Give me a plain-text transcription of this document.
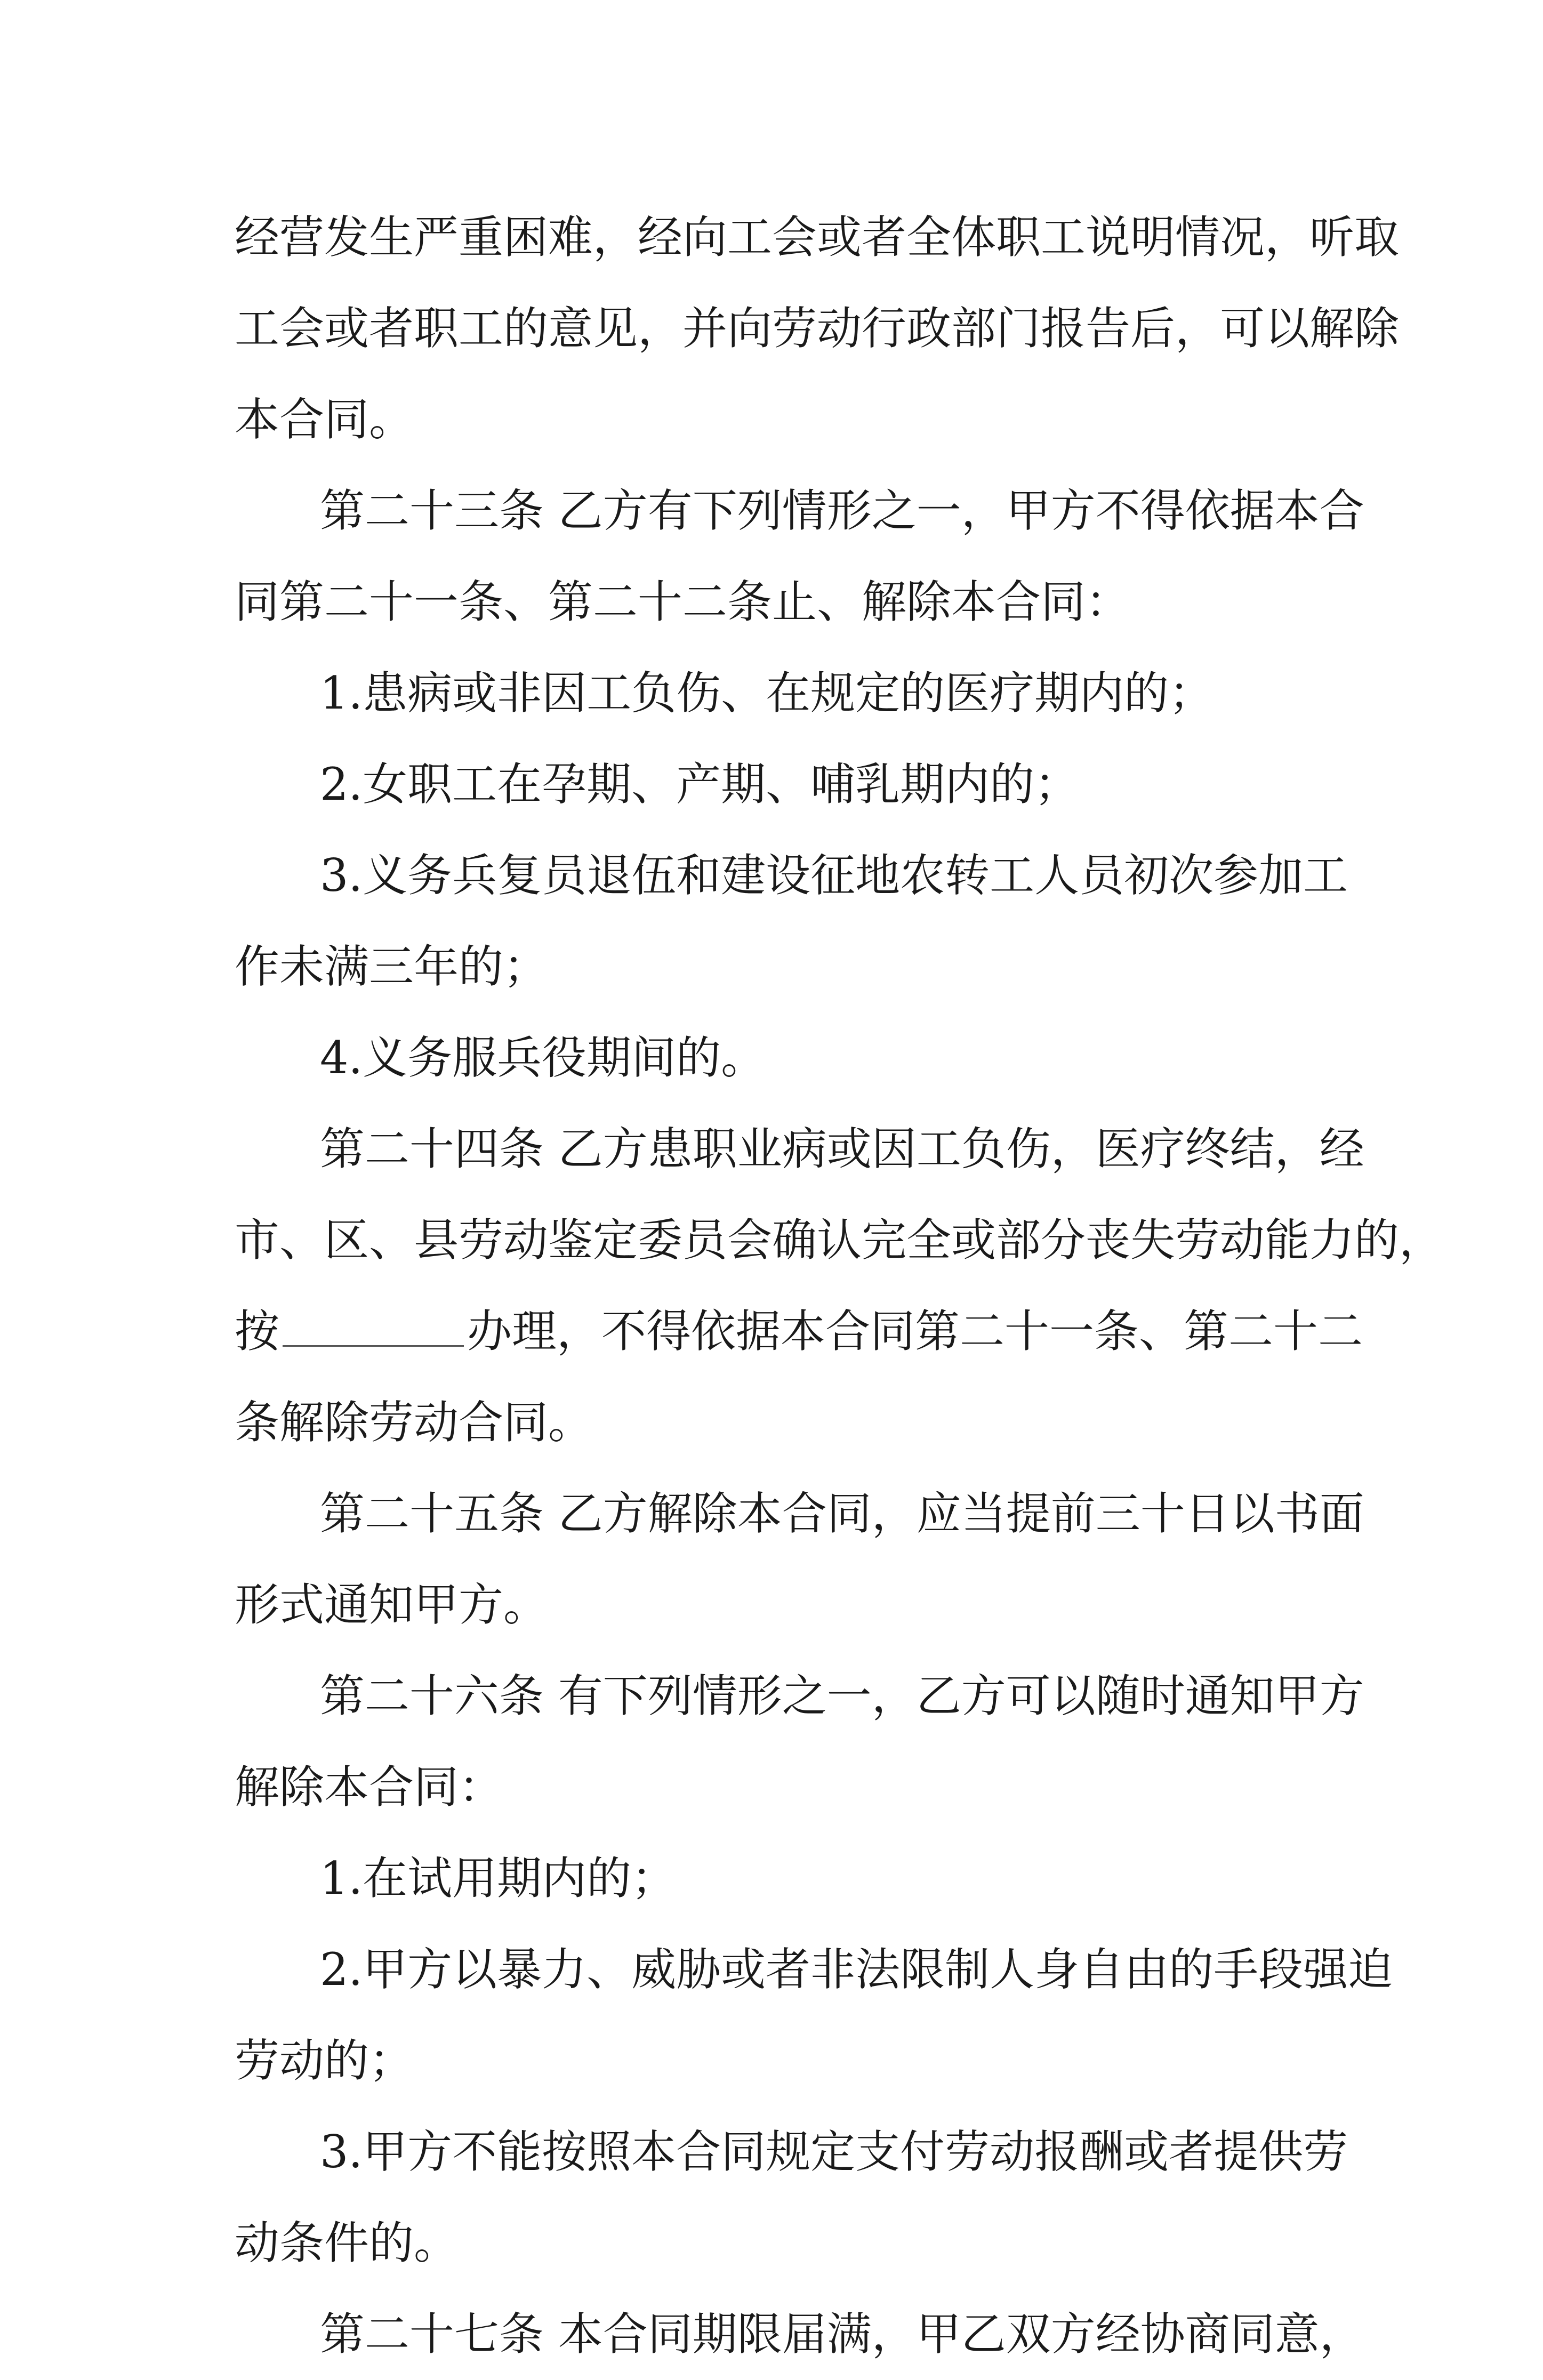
经营发生严重困难，经向工会或者全体职工说明情况，听取
工会或者职工的意见，并向劳动行政部门报告后，可以解除
本合同。
第二十三条 乙方有下列情形之一，甲方不得依据本合
同第二十一条、第二十二条止、解除本合同：
1.患病或非因工负伤、在规定的医疗期内的；
2.女职工在孕期、产期、哺乳期内的；
3.义务兵复员退伍和建设征地农转工人员初次参加工
作未满三年的；
4.义务服兵役期间的。
第二十四条 乙方患职业病或因工负伤，医疗终结，经
市、区、县劳动鉴定委员会确认完全或部分丧失劳动能力的，
按	办理，不得依据本合同第二十一条、第二十二
条解除劳动合同。
第二十五条 乙方解除本合同，应当提前三十日以书面
形式通知甲方。
第二十六条 有下列情形之一，乙方可以随时通知甲方
解除本合同：
1.在试用期内的；
2.甲方以暴力、威胁或者非法限制人身自由的手段强迫
劳动的；
3.甲方不能按照本合同规定支付劳动报酬或者提供劳
动条件的。
第二十七条 本合同期限届满，甲乙双方经协商同意，
